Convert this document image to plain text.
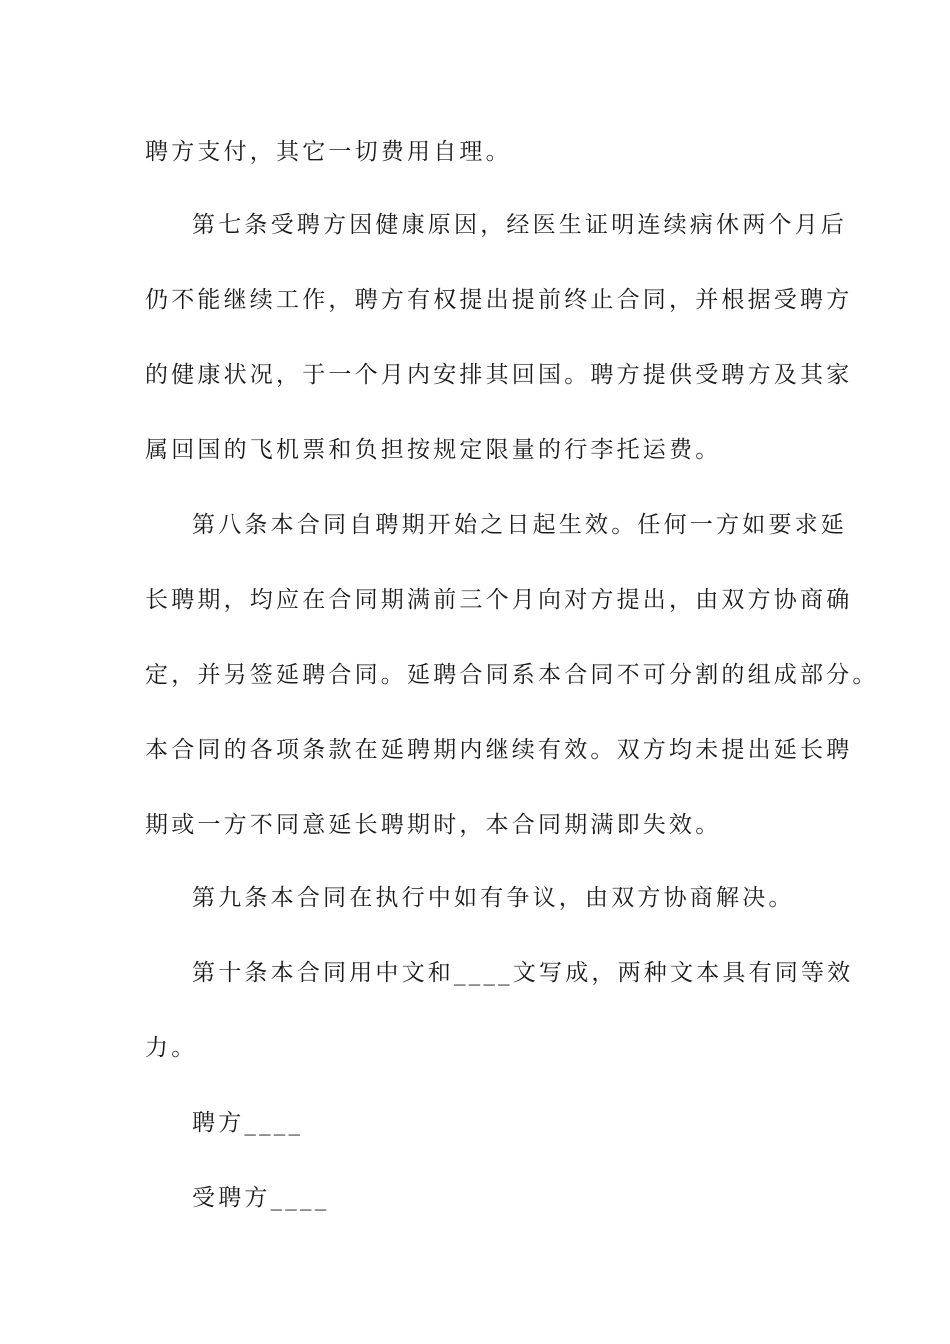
聘方支付，其它一切费用自理。
第七条受聘方因健康原因，经医生证明连续病休两个月后
仍不能继续工作，聘方有权提出提前终止合同，并根据受聘方
的健康状况，于一个月内安排其回国。聘方提供受聘方及其家
属回国的飞机票和负担按规定限量的行李托运费。
第八条本合同自聘期开始之日起生效。任何一方如要求延
长聘期，均应在合同期满前三个月向对方提出，由双方协商确
定，并另签延聘合同。延聘合同系本合同不可分割的组成部分。
本合同的各项条款在延聘期内继续有效。双方均未提出延长聘
期或一方不同意延长聘期时，本合同期满即失效。
第九条本合同在执行中如有争议，由双方协商解决。
第十条本合同用中文和____文写成，两种文本具有同等效
力。
聘方____
受聘方____
